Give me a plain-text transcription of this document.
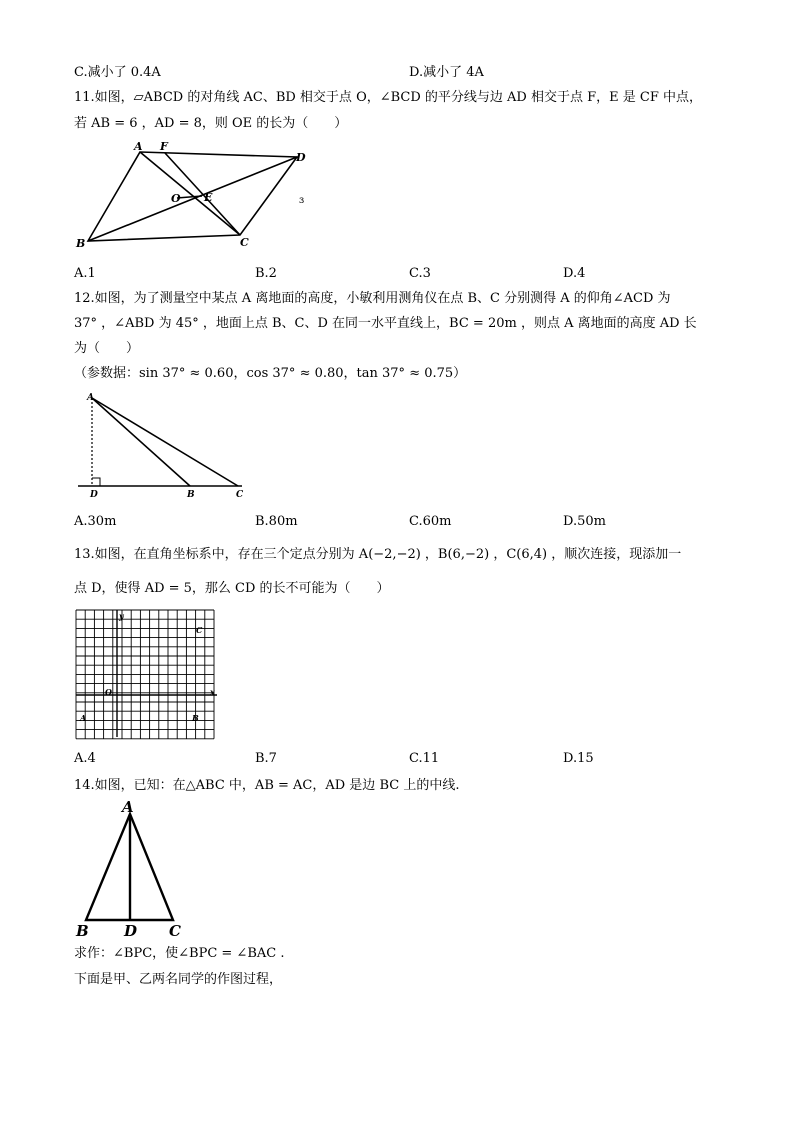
C.减小了 0.4A	D.减小了 4A
11.如图，▱ABCD 的对角线 AC、BD 相交于点 O，∠BCD 的平分线与边 AD 相交于点 F，E 是 CF 中点，
若 AB = 6 ，AD = 8，则 OE 的长为（　　）
A F
D
O E
B	C
ɜ
A.1	B.2	C.3	D.4
12.如图，为了测量空中某点 A 离地面的高度，小敏利用测角仪在点 B、C 分别测得 A 的仰角∠ACD 为
37° ，∠ABD 为 45° ，地面上点 B、C、D 在同一水平直线上，BC = 20m ，则点 A 离地面的高度 AD 长
为（　　）
（参数据：sin 37° ≈ 0.60，cos 37° ≈ 0.80，tan 37° ≈ 0.75）
A
D	B	C
A.30m	B.80m	C.60m	D.50m
13.如图，在直角坐标系中，存在三个定点分别为 A(−2,−2) ，B(6,−2) ，C(6,4) ，顺次连接，现添加一
点 D，使得 AD = 5，那么 CD 的长不可能为（　　）
y
x
O
A	B
C
A.4	B.7	C.11	D.15
14.如图，已知：在△ABC 中，AB = AC，AD 是边 BC 上的中线.
A
B D C
求作：∠BPC，使∠BPC = ∠BAC .
下面是甲、乙两名同学的作图过程，
